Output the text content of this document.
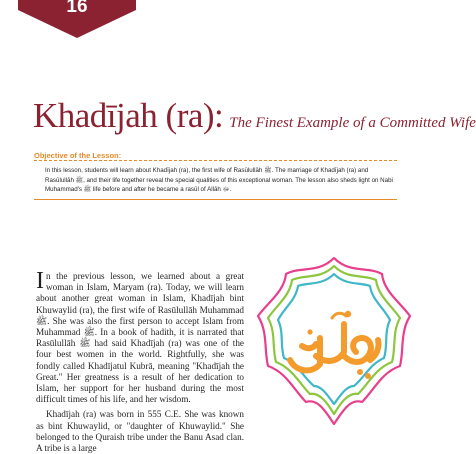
16
Khadījah (ra): The Finest Example of a Committed Wife
Objective of the Lesson:
In this lesson, students will learn about Khadījah (ra), the first wife of Rasūlullāh ﷺ. The marriage of Khadījah (ra) and Rasūlullāh ﷺ, and their life together reveal the special qualities of this exceptional woman. The lesson also sheds light on Nabi Muhammad's ﷺ life before and after he became a rasūl of Allāh ﷻ.

In the previous lesson, we learned about a great woman in Islam, Maryam (ra). Today, we will learn about another great woman in Islam, Khadījah bint Khuwaylid (ra), the first wife of Rasūlullāh Muhammad ﷺ. She was also the first person to accept Islam from Muhammad ﷺ. In a book of hadith, it is narrated that Rasūlullāh ﷺ had said Khadījah (ra) was one of the four best women in the world. Rightfully, she was fondly called Khadījatul Kubrā, meaning "Khadījah the Great." Her greatness is a result of her dedication to Islam, her support for her husband during the most difficult times of his life, and her wisdom.

Khadījah (ra) was born in 555 C.E. She was known as bint Khuwaylid, or "daughter of Khuwaylid." She belonged to the Quraish tribe under the Banu Asad clan. A tribe is a large
